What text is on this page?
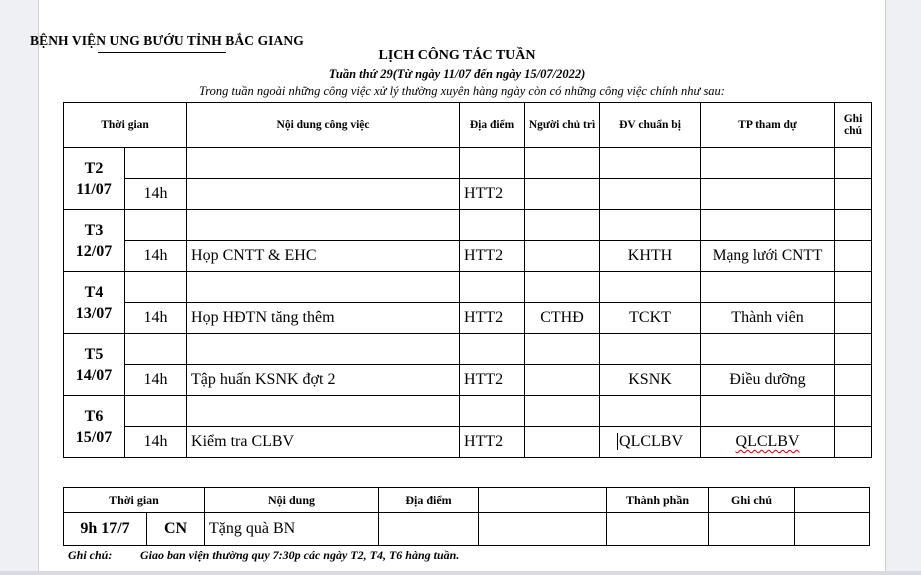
BỆNH VIỆN UNG BƯỚU TỈNH BẮC GIANG
LỊCH CÔNG TÁC TUẦN
Tuần thứ 29(Từ ngày 11/07 đến ngày 15/07/2022)
Trong tuần ngoài những công việc xử lý thường xuyên hàng ngày còn có những công việc chính như sau:
Thời gian		Nội dung công việc	Địa điểm	Người chủ trì	ĐV chuẩn bị	TP tham dự	Ghi chú
T2
11/07							
	14h		HTT2				
T3
12/07							
	14h	Họp CNTT & EHC	HTT2		KHTH	Mạng lưới CNTT	
T4
13/07							
	14h	Họp HĐTN tăng thêm	HTT2	CTHĐ	TCKT	Thành viên	
T5
14/07							
	14h	Tập huấn KSNK đợt 2	HTT2		KSNK	Điều dưỡng	
T6
15/07							
	14h	Kiểm tra CLBV	HTT2		QLCLBV	QLCLBV	
Thời gian		Nội dung	Địa điểm		Thành phần	Ghi chú	
9h 17/7	CN	Tặng quà BN					
Ghi chú: Giao ban viện thường quy 7:30p các ngày T2, T4, T6 hàng tuần.
